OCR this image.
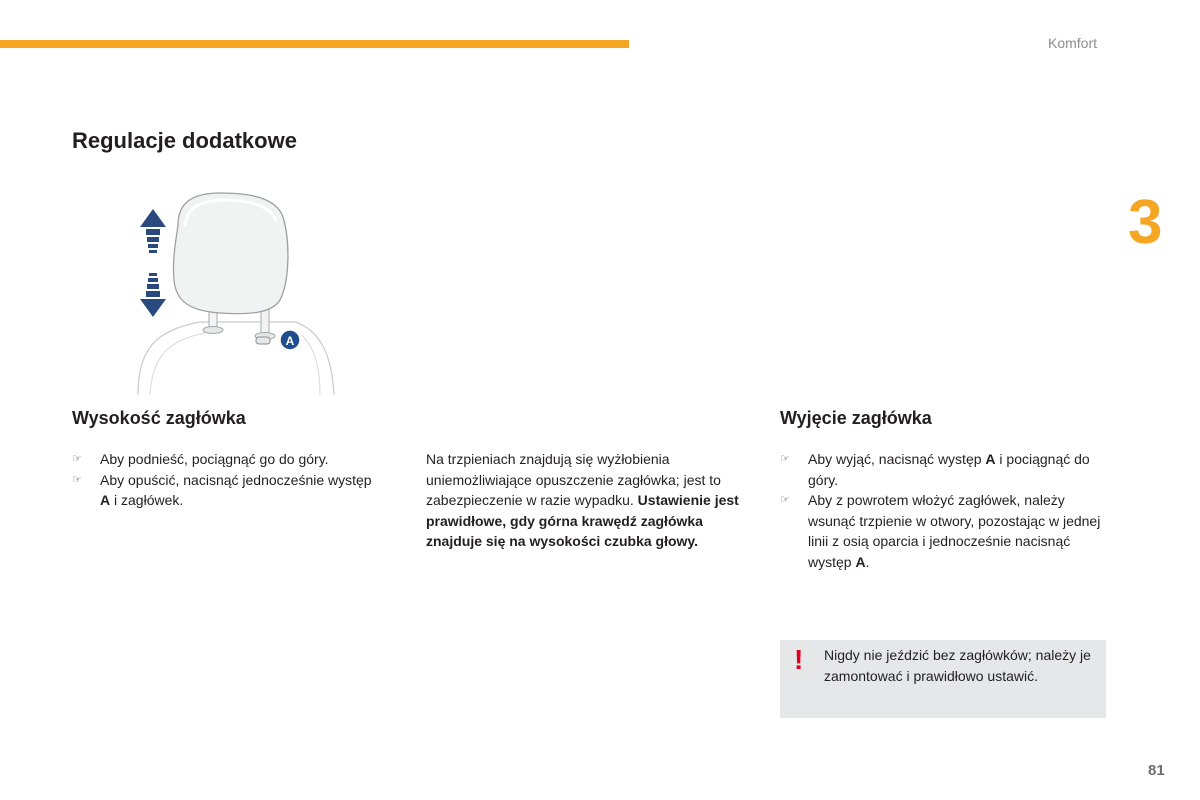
Komfort
3
Regulacje dodatkowe
A
Wysokość zagłówka
☞ Aby podnieść, pociągnąć go do góry.
☞ Aby opuścić, nacisnąć jednocześnie występ A i zagłówek.

Na trzpieniach znajdują się wyżłobienia uniemożliwiające opuszczenie zagłówka; jest to zabezpieczenie w razie wypadku. Ustawienie jest prawidłowe, gdy górna krawędź zagłówka znajduje się na wysokości czubka głowy.

Wyjęcie zagłówka
☞ Aby wyjąć, nacisnąć występ A i pociągnąć do góry.
☞ Aby z powrotem włożyć zagłówek, należy wsunąć trzpienie w otwory, pozostając w jednej linii z osią oparcia i jednocześnie nacisnąć występ A.
! Nigdy nie jeździć bez zagłówków; należy je zamontować i prawidłowo ustawić.

81
